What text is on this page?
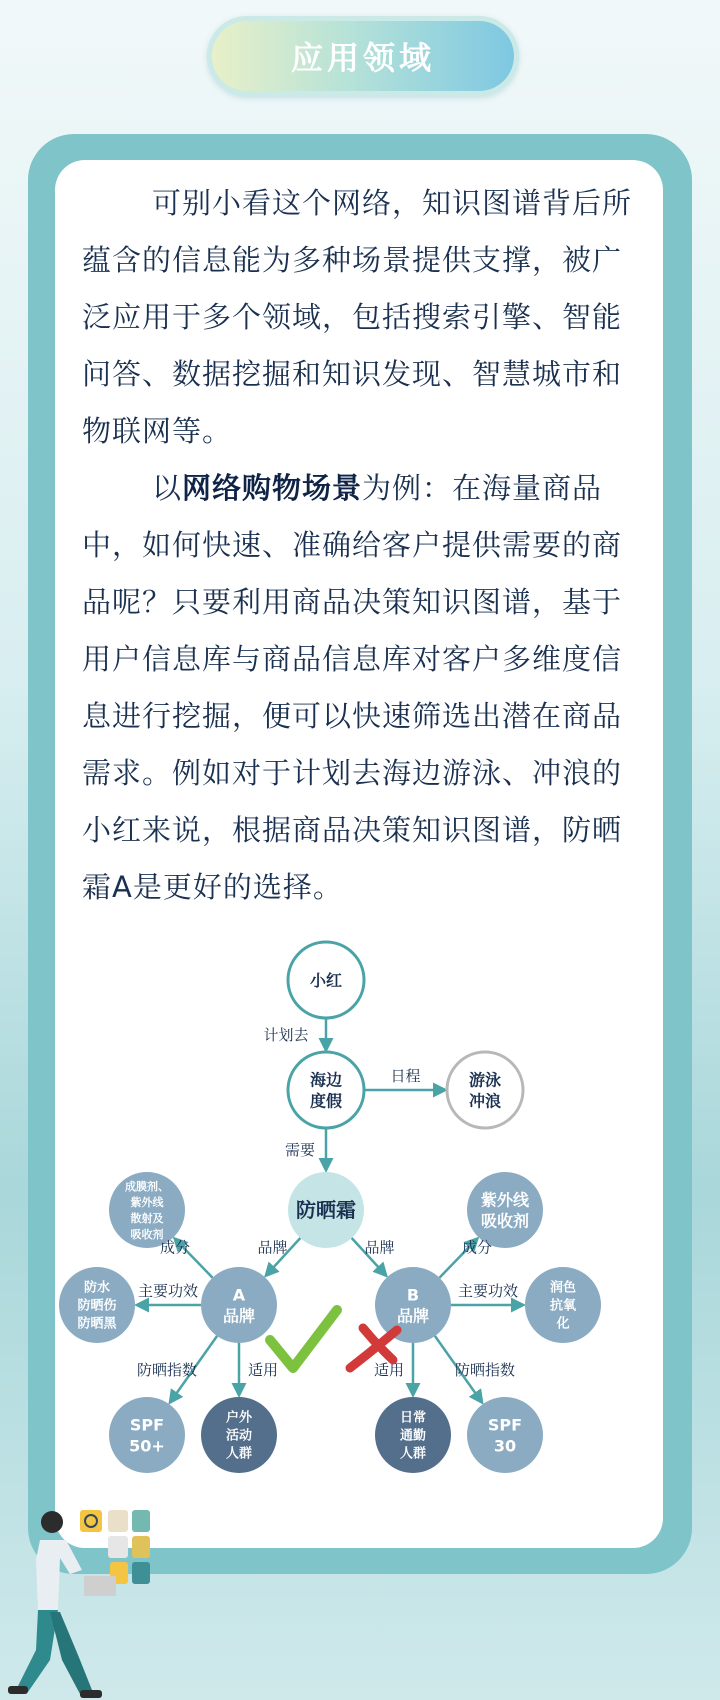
应用领域

可别小看这个网络，知识图谱背后所蕴含的信息能为多种场景提供支撑，被广泛应用于多个领域，包括搜索引擎、智能问答、数据挖掘和知识发现、智慧城市和物联网等。

以网络购物场景为例：在海量商品中，如何快速、准确给客户提供需要的商品呢？只要利用商品决策知识图谱，基于用户信息库与商品信息库对客户多维度信息进行挖掘，便可以快速筛选出潜在商品需求。例如对于计划去海边游泳、冲浪的小红来说，根据商品决策知识图谱，防晒霜A是更好的选择。

小红
海边
度假
游泳
冲浪
防晒霜
A
品牌
B
品牌
成膜剂、
紫外线
散射及
吸收剂
防水
防晒伤
防晒黑
SPF
50+
户外
活动
人群
紫外线
吸收剂
润色
抗氧
化
SPF
30
日常
通勤
人群
计划去
日程
需要
品牌	品牌
成分
主要功效
防晒指数	适用
成分
主要功效
防晒指数
适用
